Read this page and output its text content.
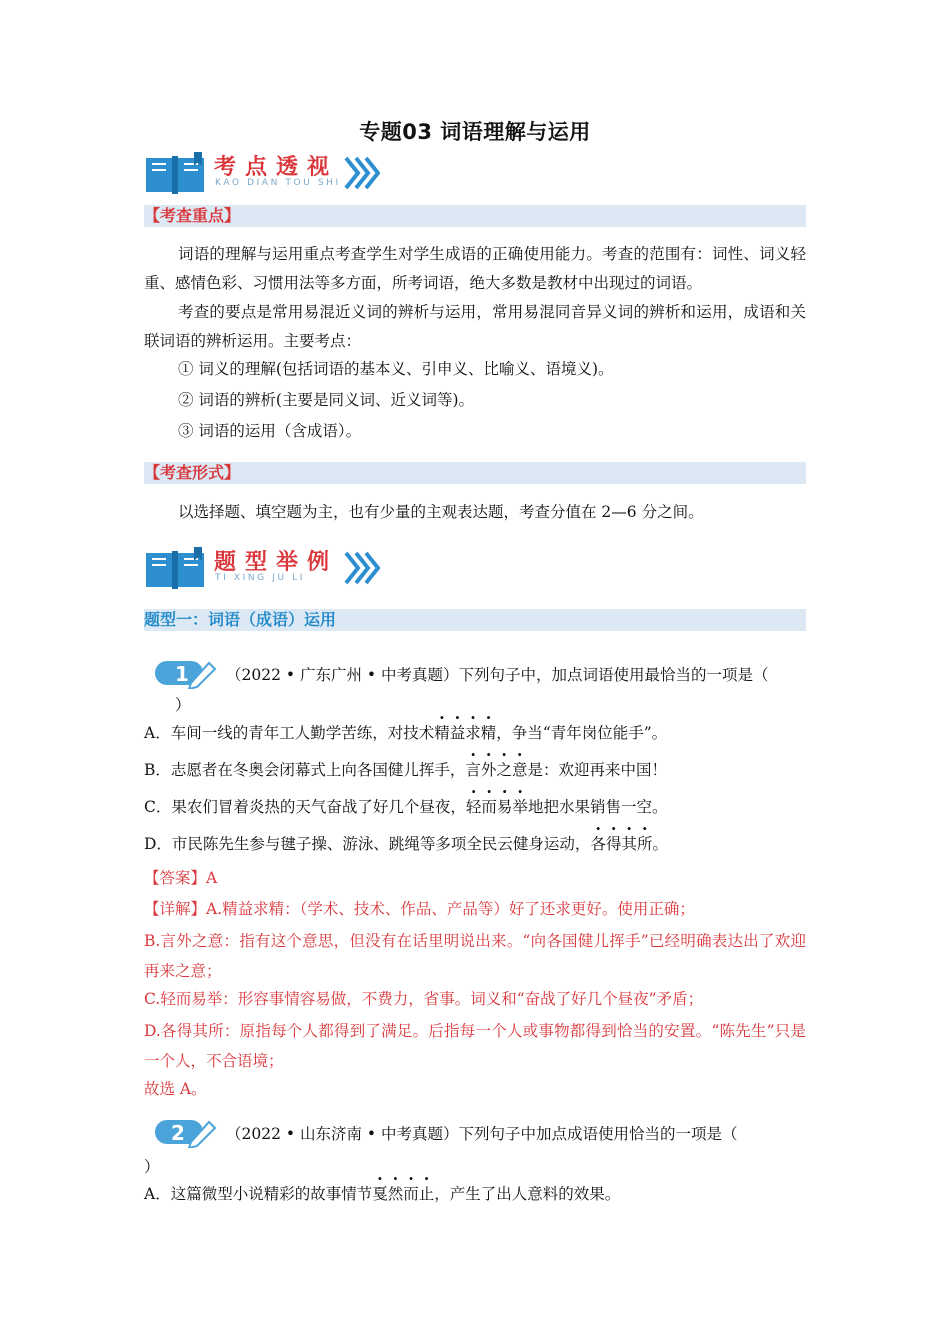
专题03 词语理解与运用
考点透视
KAO DIAN TOU SHI
【考查重点】
词语的理解与运用重点考查学生对学生成语的正确使用能力。考查的范围有：词性、词义轻重、感情色彩、习惯用法等多方面，所考词语，绝大多数是教材中出现过的词语。
考查的要点是常用易混近义词的辨析与运用，常用易混同音异义词的辨析和运用，成语和关联词语的辨析运用。主要考点：
① 词义的理解(包括词语的基本义、引申义、比喻义、语境义)。
② 词语的辨析(主要是同义词、近义词等)。
③ 词语的运用（含成语）。
【考查形式】
以选择题、填空题为主，也有少量的主观表达题，考查分值在 2—6 分之间。
题型举例
TI XING JU LI
题型一：词语（成语）运用
1 （2022 • 广东广州 • 中考真题）下列句子中，加点词语使用最恰当的一项是（
）
A．车间一线的青年工人勤学苦练，对技术精益求精，争当“青年岗位能手”。
B．志愿者在冬奥会闭幕式上向各国健儿挥手，言外之意是：欢迎再来中国！
C．果农们冒着炎热的天气奋战了好几个昼夜，轻而易举地把水果销售一空。
D．市民陈先生参与毽子操、游泳、跳绳等多项全民云健身运动，各得其所。
【答案】A
【详解】A.精益求精：（学术、技术、作品、产品等）好了还求更好。使用正确；
B.言外之意：指有这个意思，但没有在话里明说出来。“向各国健儿挥手”已经明确表达出了欢迎再来之意；
C.轻而易举：形容事情容易做，不费力，省事。词义和“奋战了好几个昼夜”矛盾；
D.各得其所：原指每个人都得到了满足。后指每一个人或事物都得到恰当的安置。“陈先生”只是一个人，不合语境；
故选 A。
2	（2022 • 山东济南 • 中考真题）下列句子中加点成语使用恰当的一项是（
）
A．这篇微型小说精彩的故事情节戛然而止，产生了出人意料的效果。
